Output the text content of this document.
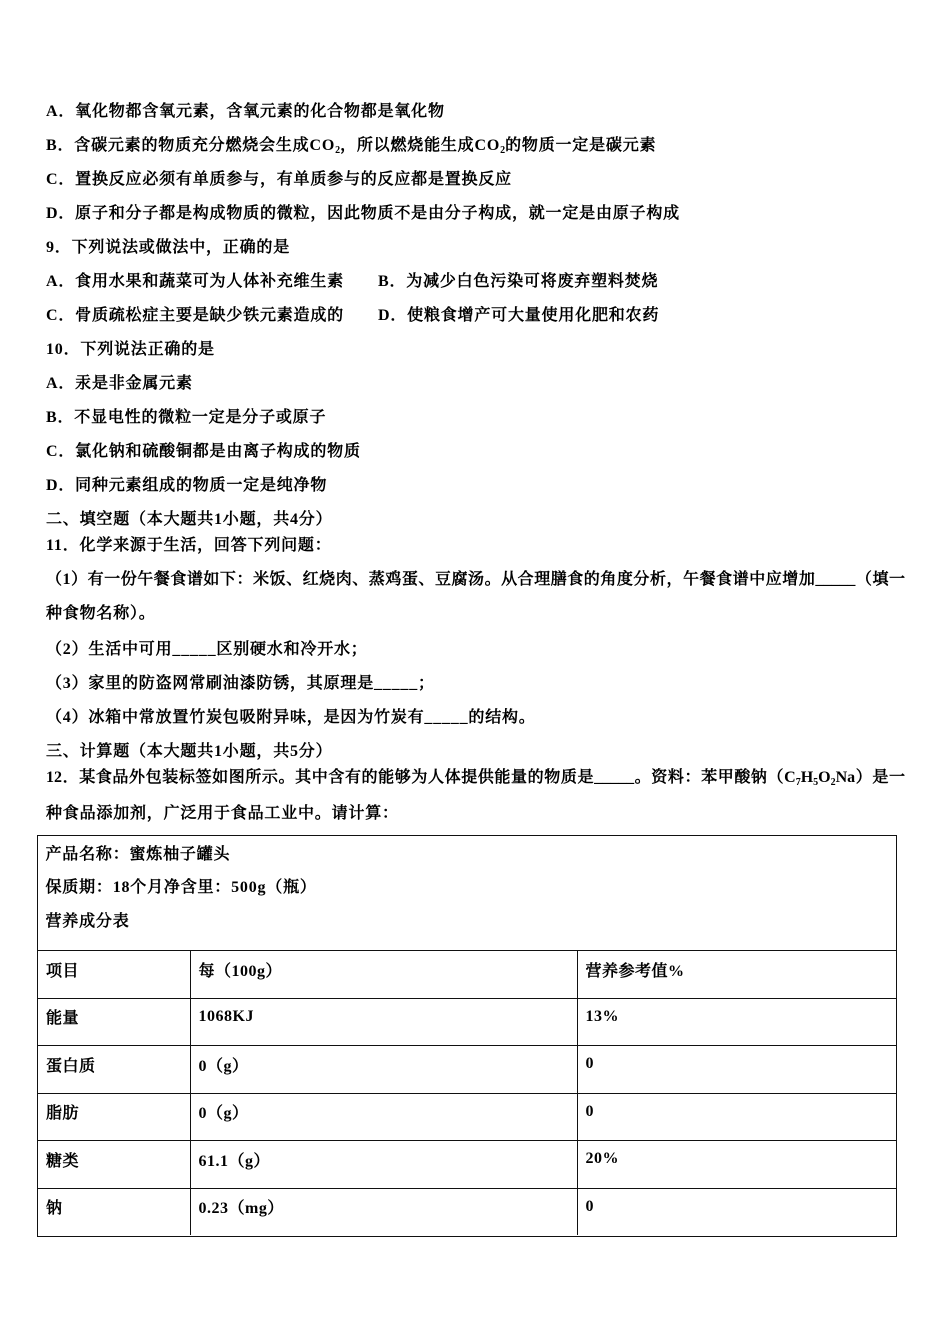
A．氧化物都含氧元素，含氧元素的化合物都是氧化物
B．含碳元素的物质充分燃烧会生成$CO_2$，所以燃烧能生成$CO_2$的物质一定是碳元素
C．置换反应必须有单质参与，有单质参与的反应都是置换反应
D．原子和分子都是构成物质的微粒，因此物质不是由分子构成，就一定是由原子构成
9．下列说法或做法中，正确的是
A．食用水果和蔬菜可为人体补充维生素 B．为减少白色污染可将废弃塑料焚烧
C．骨质疏松症主要是缺少铁元素造成的 D．使粮食增产可大量使用化肥和农药
10．下列说法正确的是
A．汞是非金属元素
B．不显电性的微粒一定是分子或原子
C．氯化钠和硫酸铜都是由离子构成的物质
D．同种元素组成的物质一定是纯净物
二、填空题（本大题共1小题，共4分）
11．化学来源于生活，回答下列问题：
（1）有一份午餐食谱如下：米饭、红烧肉、蒸鸡蛋、豆腐汤。从合理膳食的角度分析，午餐食谱中应增加_____（填一
种食物名称）。
（2）生活中可用_____区别硬水和冷开水；
（3）家里的防盗网常刷油漆防锈，其原理是_____；
（4）冰箱中常放置竹炭包吸附异味，是因为竹炭有_____的结构。
三、计算题（本大题共1小题，共5分）
12．某食品外包装标签如图所示。其中含有的能够为人体提供能量的物质是_____。资料：苯甲酸钠$(C_7H_5O_2Na)$是一
种食品添加剂，广泛用于食品工业中。请计算：
产品名称：蜜炼柚子罐头
保质期：18个月净含里：500g（瓶）
营养成分表
项目	每（100g）	营养参考值%
能量	1068KJ	13%
蛋白质	0（g）	0
脂肪	0（g）	0
糖类	61.1（g）	20%
钠	0.23（mg）	0
